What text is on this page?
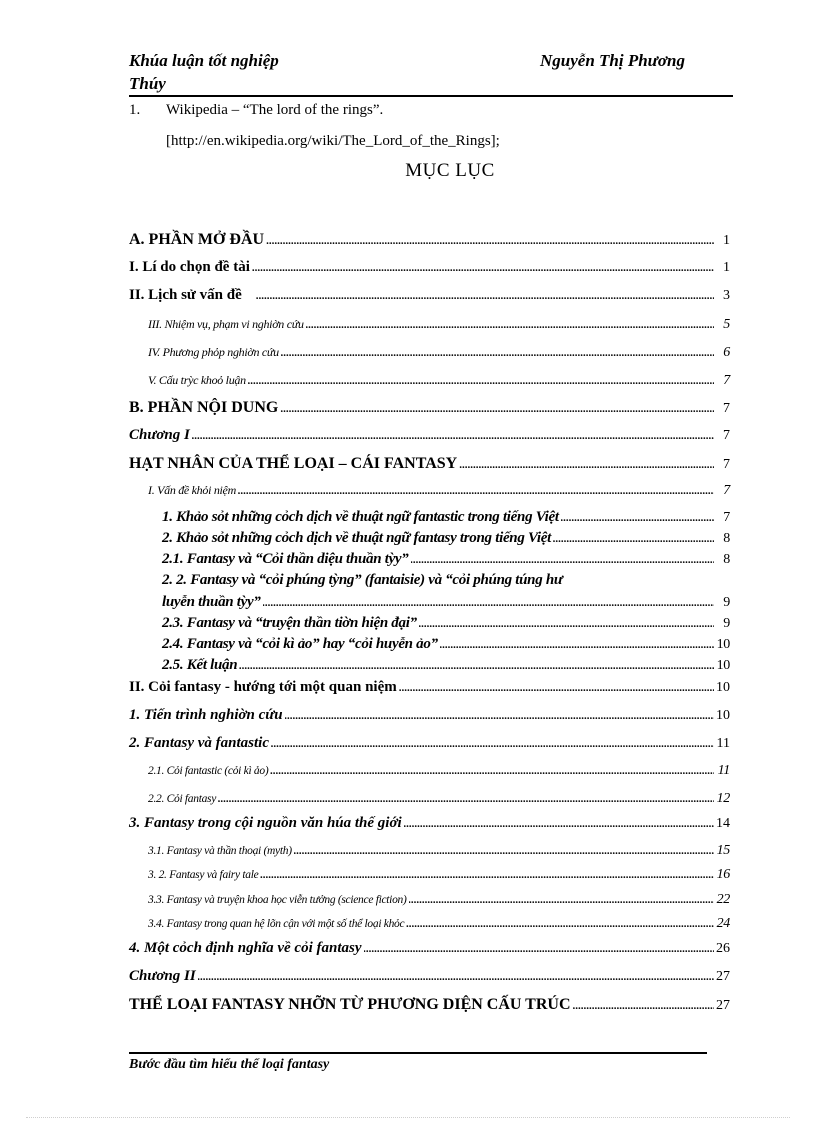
Khúa luận tốt nghiệp	Nguyễn Thị Phương
Thúy
1. Wikipedia – “The lord of the rings”.
[http://en.wikipedia.org/wiki/The_Lord_of_the_Rings];
MỤC LỤC
A. PHẦN MỞ ĐẦU .....	1
I. Lí do chọn đề tài .....	1
II. Lịch sử vấn đề .....	3
III. Nhiệm vụ, phạm vi nghiờn cứu .....	5
IV. Phương phỏp nghiờn cứu .....	6
V. Cấu trỳc khoỏ luận .....	7
B. PHẦN NỘI DUNG .....	7
Chương I .....	7
HẠT NHÂN CỦA THỂ LOẠI – CÁI FANTASY .....	7
I. Vấn đề khỏi niệm .....	7
1. Khảo sỏt những cỏch dịch về thuật ngữ fantastic trong tiếng Việt .....	7
2. Khảo sỏt những cỏch dịch về thuật ngữ fantasy trong tiếng Việt .....	8
2.1. Fantasy và “Cỏi thần diệu thuần tỳy” .....	8
2. 2. Fantasy và “cỏi phúng tỳng” (fantaisie) và “cỏi phúng túng hư
luyễn thuần tỳy” .....	9
2.3. Fantasy và “truyện thần tiờn hiện đại” .....	9
2.4. Fantasy và “cỏi kì ảo” hay “cỏi huyễn ảo” .....	10
2.5. Kết luận .....	10
II. Cỏi fantasy - hướng tới một quan niệm .....	10
1. Tiến trình nghiờn cứu .....	10
2. Fantasy và fantastic .....	11
2.1. Cỏi fantastic (cỏi kì ảo) .....	11
2.2. Cỏi fantasy .....	12
3. Fantasy trong cội nguồn văn húa thế giới .....	14
3.1. Fantasy và thần thoại (myth) .....	15
3. 2. Fantasy và fairy tale .....	16
3.3. Fantasy và truyện khoa học viễn tưởng (science fiction) .....	22
3.4. Fantasy trong quan hệ lõn cận với một số thể loại khỏc .....	24
4. Một cỏch định nghĩa về cỏi fantasy .....	26
Chương II .....	27
THỂ LOẠI FANTASY NHỠN TỪ PHƯƠNG DIỆN CẤU TRÚC .....	27
Bước đầu tìm hiểu thể loại fantasy
